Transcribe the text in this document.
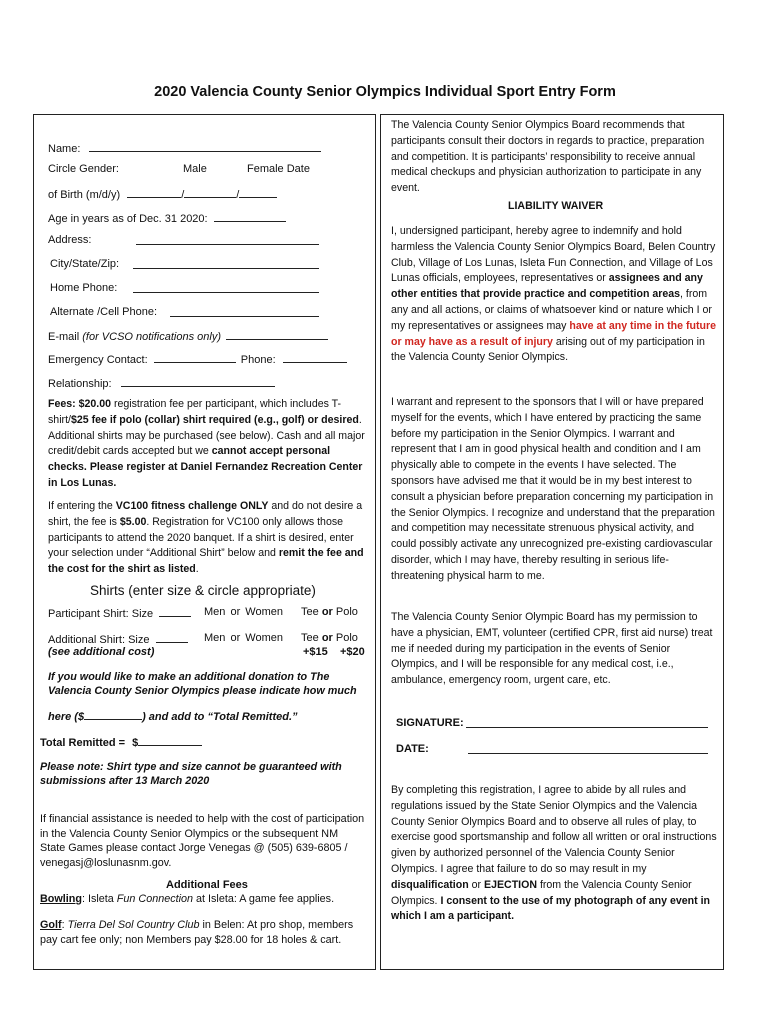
2020 Valencia County Senior Olympics Individual Sport Entry Form
Name:
Circle Gender:	Male	Female Date
of Birth (m/d/y)	/	/
Age in years as of Dec. 31 2020:
Address:
City/State/Zip:
Home Phone:
Alternate /Cell Phone:
E-mail (for VCSO notifications only)
Emergency Contact:	Phone:
Relationship:
Fees: $20.00 registration fee per participant, which includes T-shirt/$25 fee if polo (collar) shirt required (e.g., golf) or desired. Additional shirts may be purchased (see below). Cash and all major credit/debit cards accepted but we cannot accept personal checks. Please register at Daniel Fernandez Recreation Center in Los Lunas.
If entering the VC100 fitness challenge ONLY and do not desire a shirt, the fee is $5.00. Registration for VC100 only allows those participants to attend the 2020 banquet. If a shirt is desired, enter your selection under “Additional Shirt” below and remit the fee and the cost for the shirt as listed.
Shirts (enter size & circle appropriate)
Participant Shirt: Size	Men or Women Tee or Polo
Additional Shirt: Size	Men or Women Tee or Polo
(see additional cost)	+$15 +$20
If you would like to make an additional donation to The Valencia County Senior Olympics please indicate how much
here ($	) and add to “Total Remitted.”
Total Remitted = $
Please note: Shirt type and size cannot be guaranteed with submissions after 13 March 2020
If financial assistance is needed to help with the cost of participation in the Valencia County Senior Olympics or the subsequent NM State Games please contact Jorge Venegas @ (505) 639-6805 / venegasj@loslunasnm.gov.
Additional Fees
Bowling: Isleta Fun Connection at Isleta: A game fee applies.
Golf: Tierra Del Sol Country Club in Belen: At pro shop, members pay cart fee only; non Members pay $28.00 for 18 holes & cart.
The Valencia County Senior Olympics Board recommends that participants consult their doctors in regards to practice, preparation and competition. It is participants’ responsibility to receive annual medical checkups and physician authorization to participate in any event.
LIABILITY WAIVER
I, undersigned participant, hereby agree to indemnify and hold harmless the Valencia County Senior Olympics Board, Belen Country Club, Village of Los Lunas, Isleta Fun Connection, and Village of Los Lunas officials, employees, representatives or assignees and any other entities that provide practice and competition areas, from any and all actions, or claims of whatsoever kind or nature which I or my representatives or assignees may have at any time in the future or may have as a result of injury arising out of my participation in the Valencia County Senior Olympics.
I warrant and represent to the sponsors that I will or have prepared myself for the events, which I have entered by practicing the same before my participation in the Senior Olympics. I warrant and represent that I am in good physical health and condition and I am physically able to compete in the events I have selected. The sponsors have advised me that it would be in my best interest to consult a physician before preparation concerning my participation in the Senior Olympics. I recognize and understand that the preparation and competition may necessitate strenuous physical activity, and could possibly activate any unrecognized pre-existing cardiovascular disorder, which I may have, thereby resulting in serious life-threatening physical harm to me.
The Valencia County Senior Olympic Board has my permission to have a physician, EMT, volunteer (certified CPR, first aid nurse) treat me if needed during my participation in the events of Senior Olympics, and I will be responsible for any medical cost, i.e., ambulance, emergency room, urgent care, etc.
SIGNATURE:
DATE:
By completing this registration, I agree to abide by all rules and regulations issued by the State Senior Olympics and the Valencia County Senior Olympics Board and to observe all rules of play, to exercise good sportsmanship and follow all written or oral instructions given by authorized personnel of the Valencia County Senior Olympics. I agree that failure to do so may result in my disqualification or EJECTION from the Valencia County Senior Olympics. I consent to the use of my photograph of any event in which I am a participant.
